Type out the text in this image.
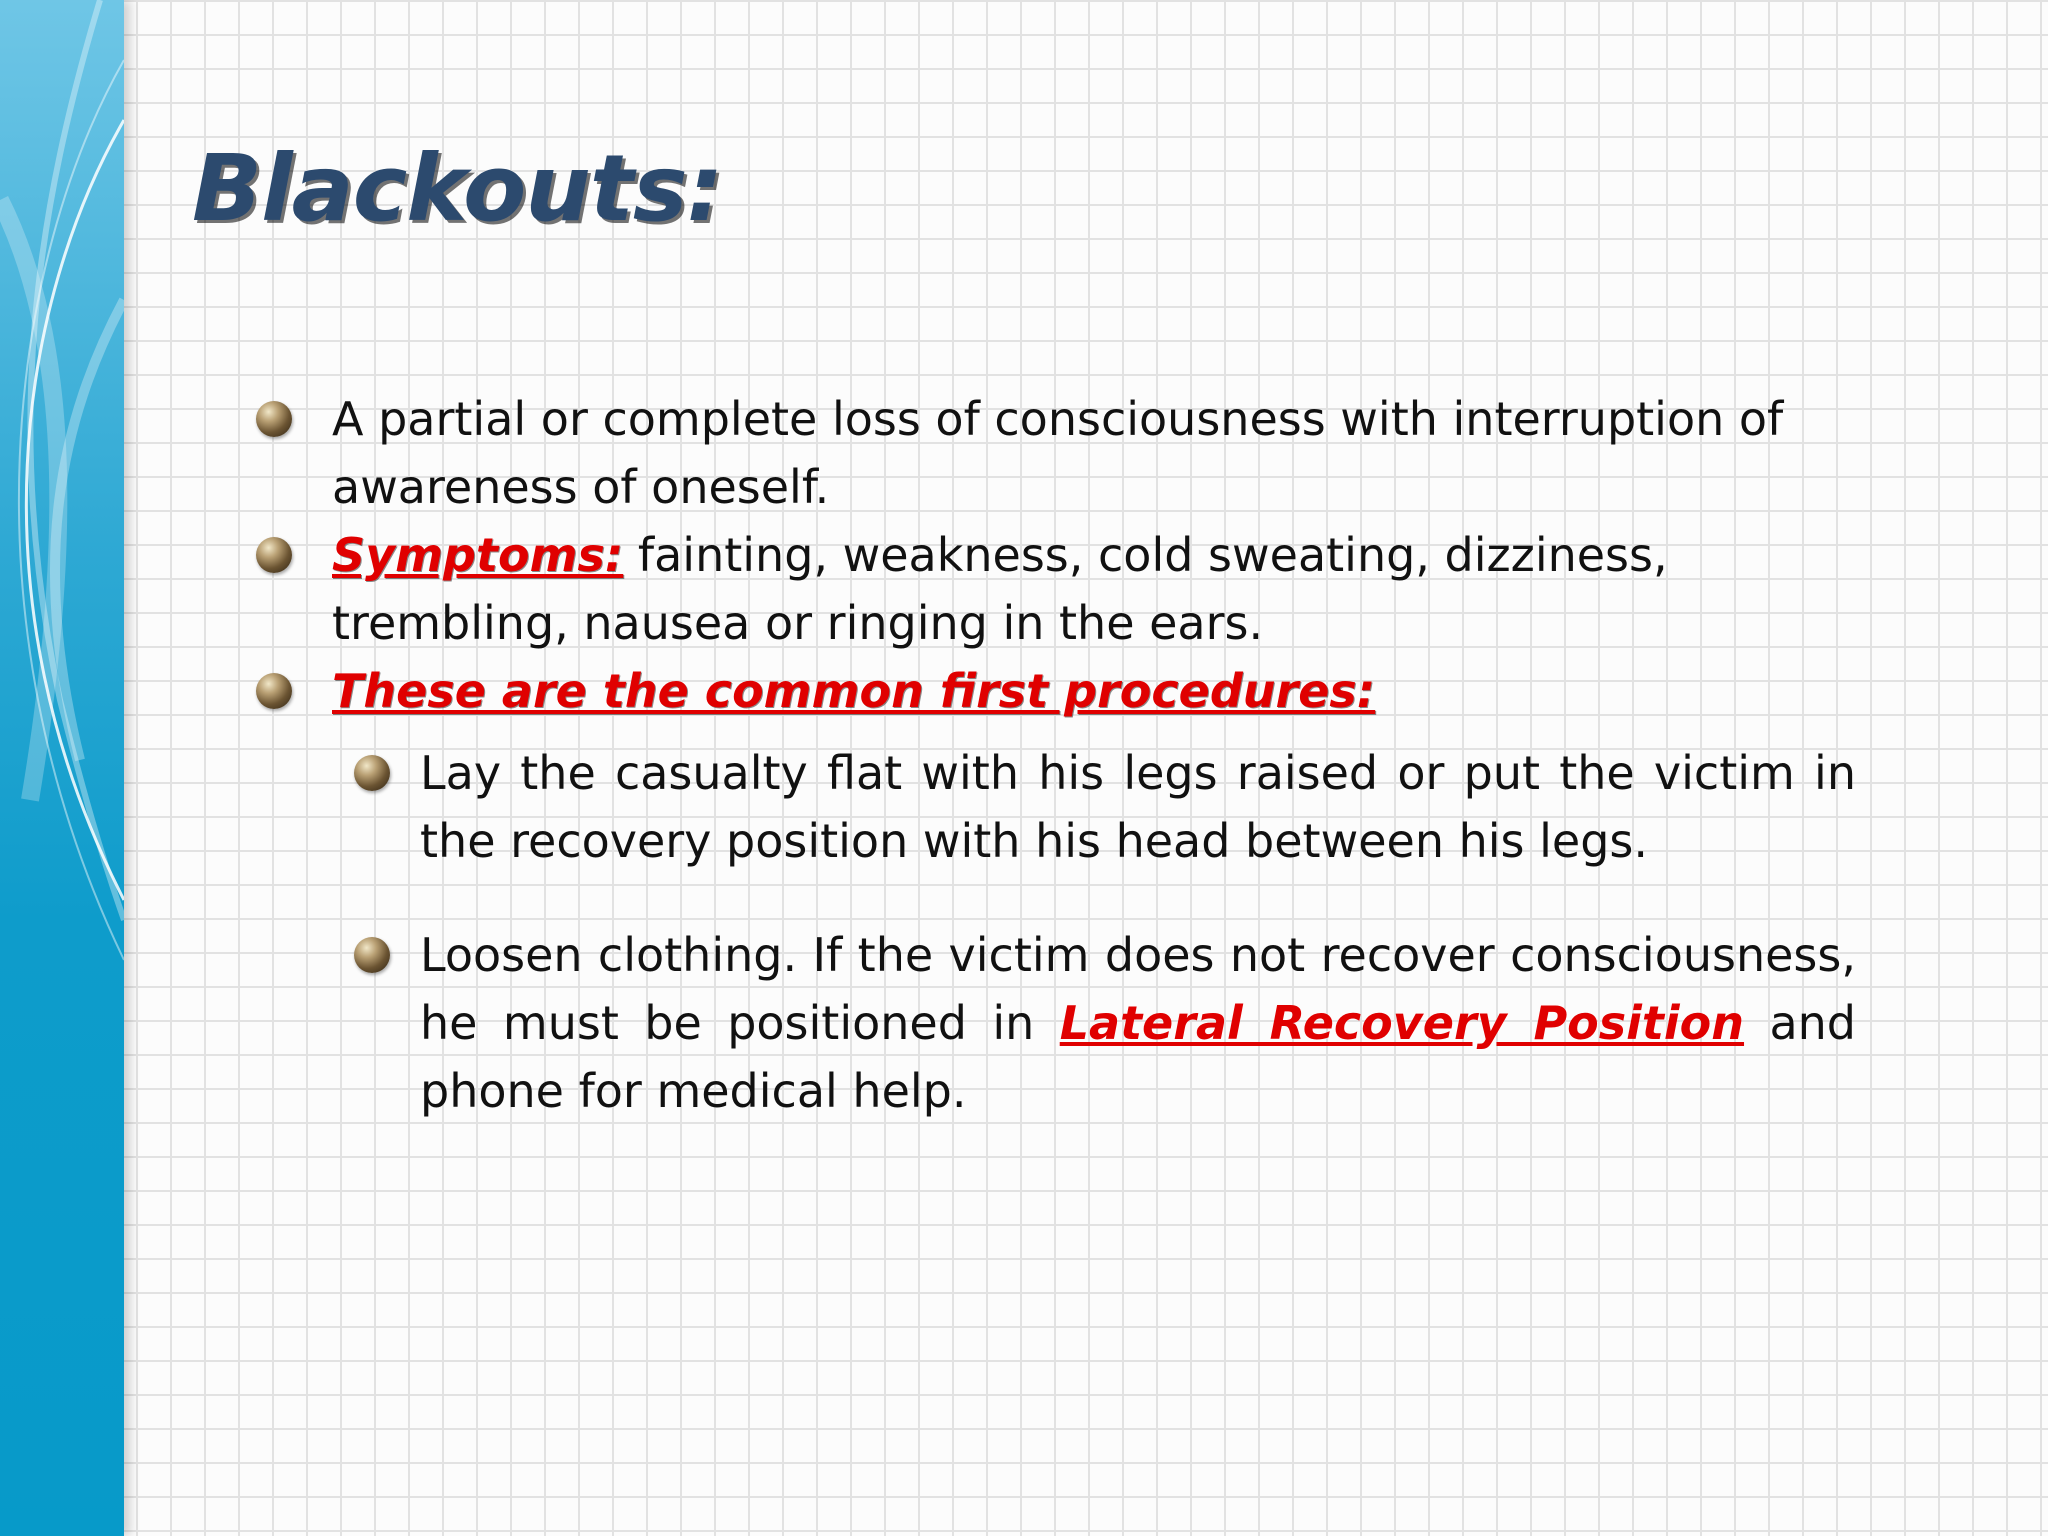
Blackouts:

A partial or complete loss of consciousness with interruption of awareness of oneself.

Symptoms: fainting, weakness, cold sweating, dizziness, trembling, nausea or ringing in the ears.

These are the common first procedures:

Lay the casualty flat with his legs raised or put the victim in the recovery position with his head between his legs.

Loosen clothing. If the victim does not recover consciousness, he must be positioned in Lateral Recovery Position and phone for medical help.
